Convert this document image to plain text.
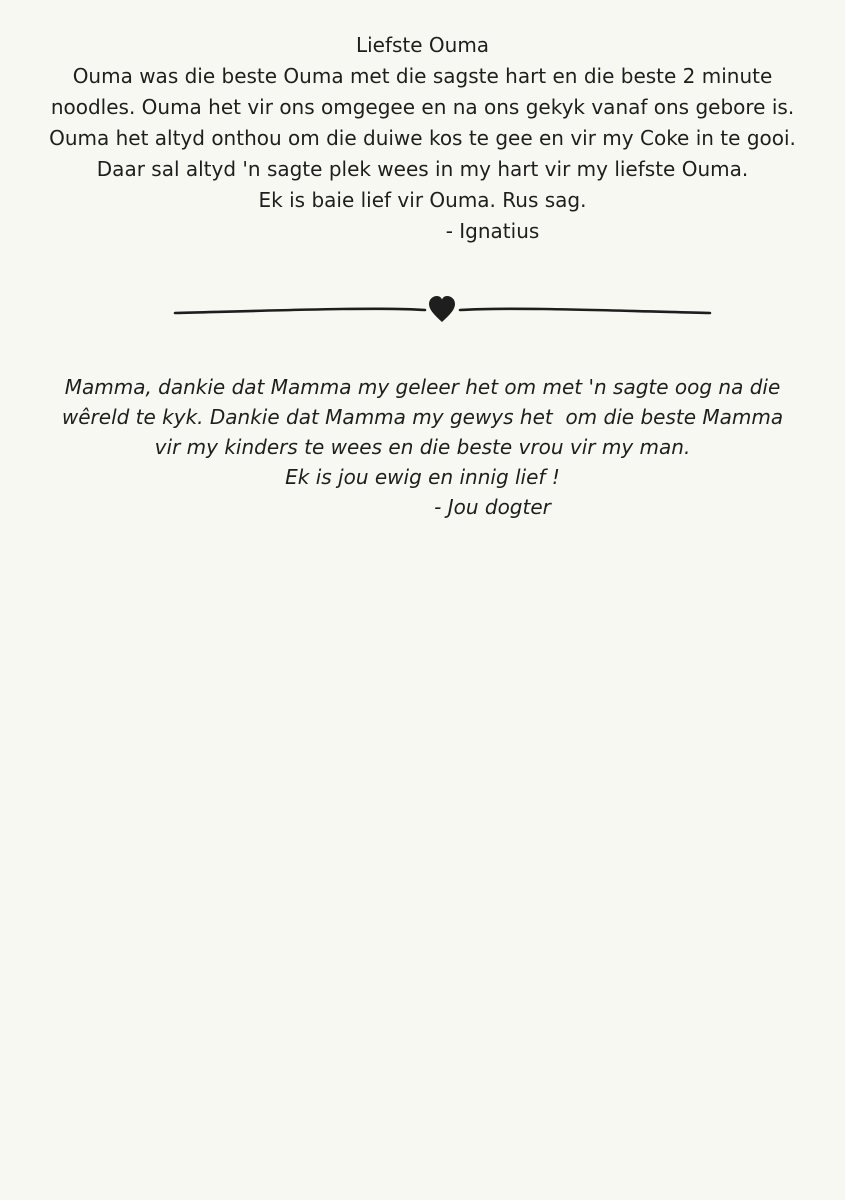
Liefste Ouma
Ouma was die beste Ouma met die sagste hart en die beste 2 minute
noodles. Ouma het vir ons omgegee en na ons gekyk vanaf ons gebore is.
Ouma het altyd onthou om die duiwe kos te gee en vir my Coke in te gooi.
Daar sal altyd 'n sagte plek wees in my hart vir my liefste Ouma.
Ek is baie lief vir Ouma. Rus sag.
- Ignatius
Mamma, dankie dat Mamma my geleer het om met 'n sagte oog na die
wêreld te kyk. Dankie dat Mamma my gewys het  om die beste Mamma
vir my kinders te wees en die beste vrou vir my man.
Ek is jou ewig en innig lief !
- Jou dogter
